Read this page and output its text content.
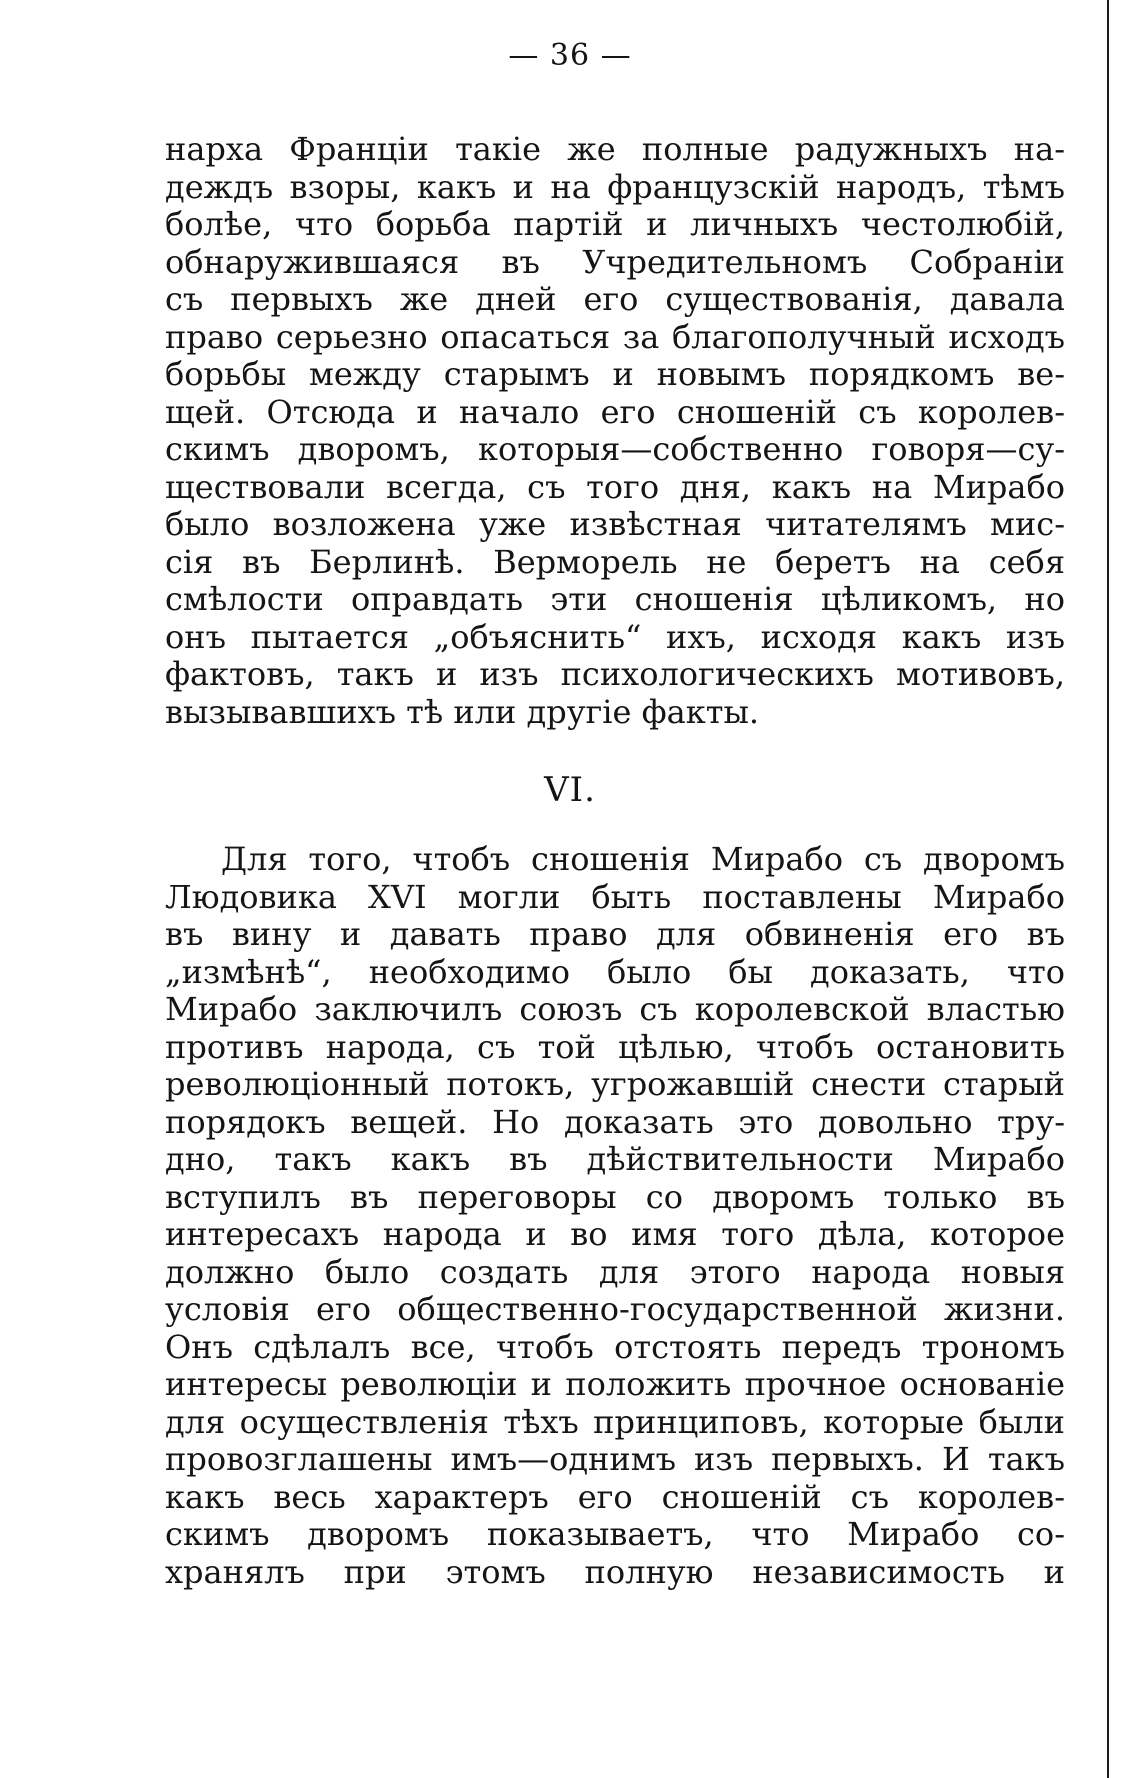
— 36 —
нарха Франціи такіе же полные радужныхъ на-
деждъ взоры, какъ и на французскій народъ, тѣмъ
болѣе, что борьба партій и личныхъ честолюбій,
обнаружившаяся въ Учредительномъ Собраніи
съ первыхъ же дней его существованія, давала
право серьезно опасаться за благополучный исходъ
борьбы между старымъ и новымъ порядкомъ ве-
щей. Отсюда и начало его сношеній съ королев-
скимъ дворомъ, которыя—собственно говоря—су-
ществовали всегда, съ того дня, какъ на Мирабо
было возложена уже извѣстная читателямъ мис-
сія въ Берлинѣ. Верморель не беретъ на себя
смѣлости оправдать эти сношенія цѣликомъ, но
онъ пытается „объяснить“ ихъ, исходя какъ изъ
фактовъ, такъ и изъ психологическихъ мотивовъ,
вызывавшихъ тѣ или другіе факты.
VI.
Для того, чтобъ сношенія Мирабо съ дворомъ
Людовика XVI могли быть поставлены Мирабо
въ вину и давать право для обвиненія его въ
„измѣнѣ“, необходимо было бы доказать, что
Мирабо заключилъ союзъ съ королевской властью
противъ народа, съ той цѣлью, чтобъ остановить
революціонный потокъ, угрожавшій снести старый
порядокъ вещей. Но доказать это довольно тру-
дно, такъ какъ въ дѣйствительности Мирабо
вступилъ въ переговоры со дворомъ только въ
интересахъ народа и во имя того дѣла, которое
должно было создать для этого народа новыя
условія его общественно-государственной жизни.
Онъ сдѣлалъ все, чтобъ отстоять передъ трономъ
интересы революціи и положить прочное основаніе
для осуществленія тѣхъ принциповъ, которые были
провозглашены имъ—однимъ изъ первыхъ. И такъ
какъ весь характеръ его сношеній съ королев-
скимъ дворомъ показываетъ, что Мирабо со-
хранялъ при этомъ полную независимость и
